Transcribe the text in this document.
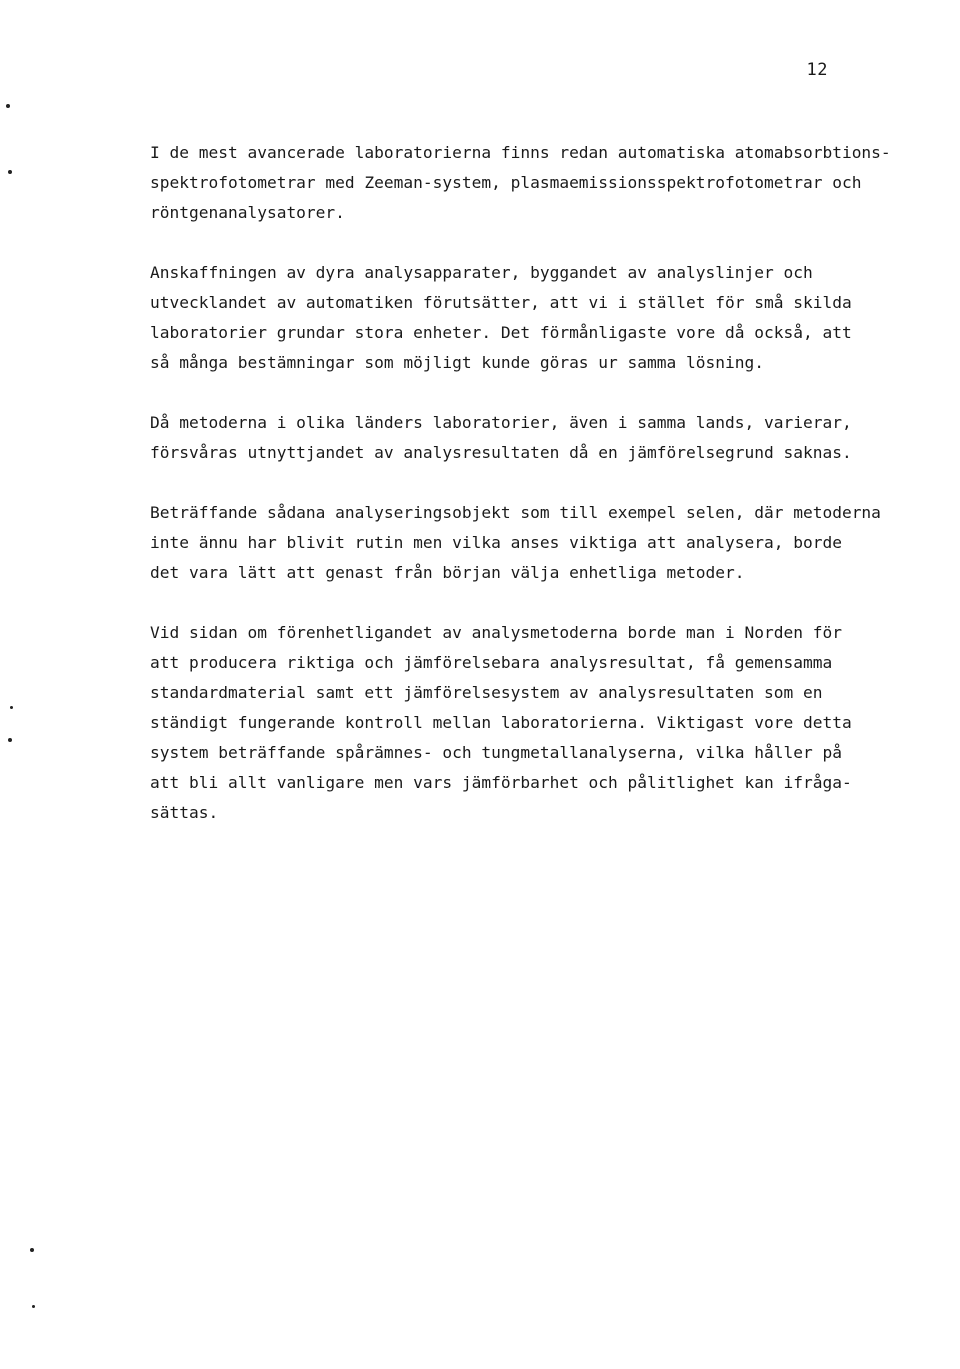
12

I de mest avancerade laboratorierna finns redan automatiska atomabsorbtions-
spektrofotometrar med Zeeman-system, plasmaemissionsspektrofotometrar och
röntgenanalysatorer.

Anskaffningen av dyra analysapparater, byggandet av analyslinjer och
utvecklandet av automatiken förutsätter, att vi i stället för små skilda
laboratorier grundar stora enheter. Det förmånligaste vore då också, att
så många bestämningar som möjligt kunde göras ur samma lösning.

Då metoderna i olika länders laboratorier, även i samma lands, varierar,
försvåras utnyttjandet av analysresultaten då en jämförelsegrund saknas.

Beträffande sådana analyseringsobjekt som till exempel selen, där metoderna
inte ännu har blivit rutin men vilka anses viktiga att analysera, borde
det vara lätt att genast från början välja enhetliga metoder.

Vid sidan om förenhetligandet av analysmetoderna borde man i Norden för
att producera riktiga och jämförelsebara analysresultat, få gemensamma
standardmaterial samt ett jämförelsesystem av analysresultaten som en
ständigt fungerande kontroll mellan laboratorierna. Viktigast vore detta
system beträffande spårämnes- och tungmetallanalyserna, vilka håller på
att bli allt vanligare men vars jämförbarhet och pålitlighet kan ifråga-
sättas.
